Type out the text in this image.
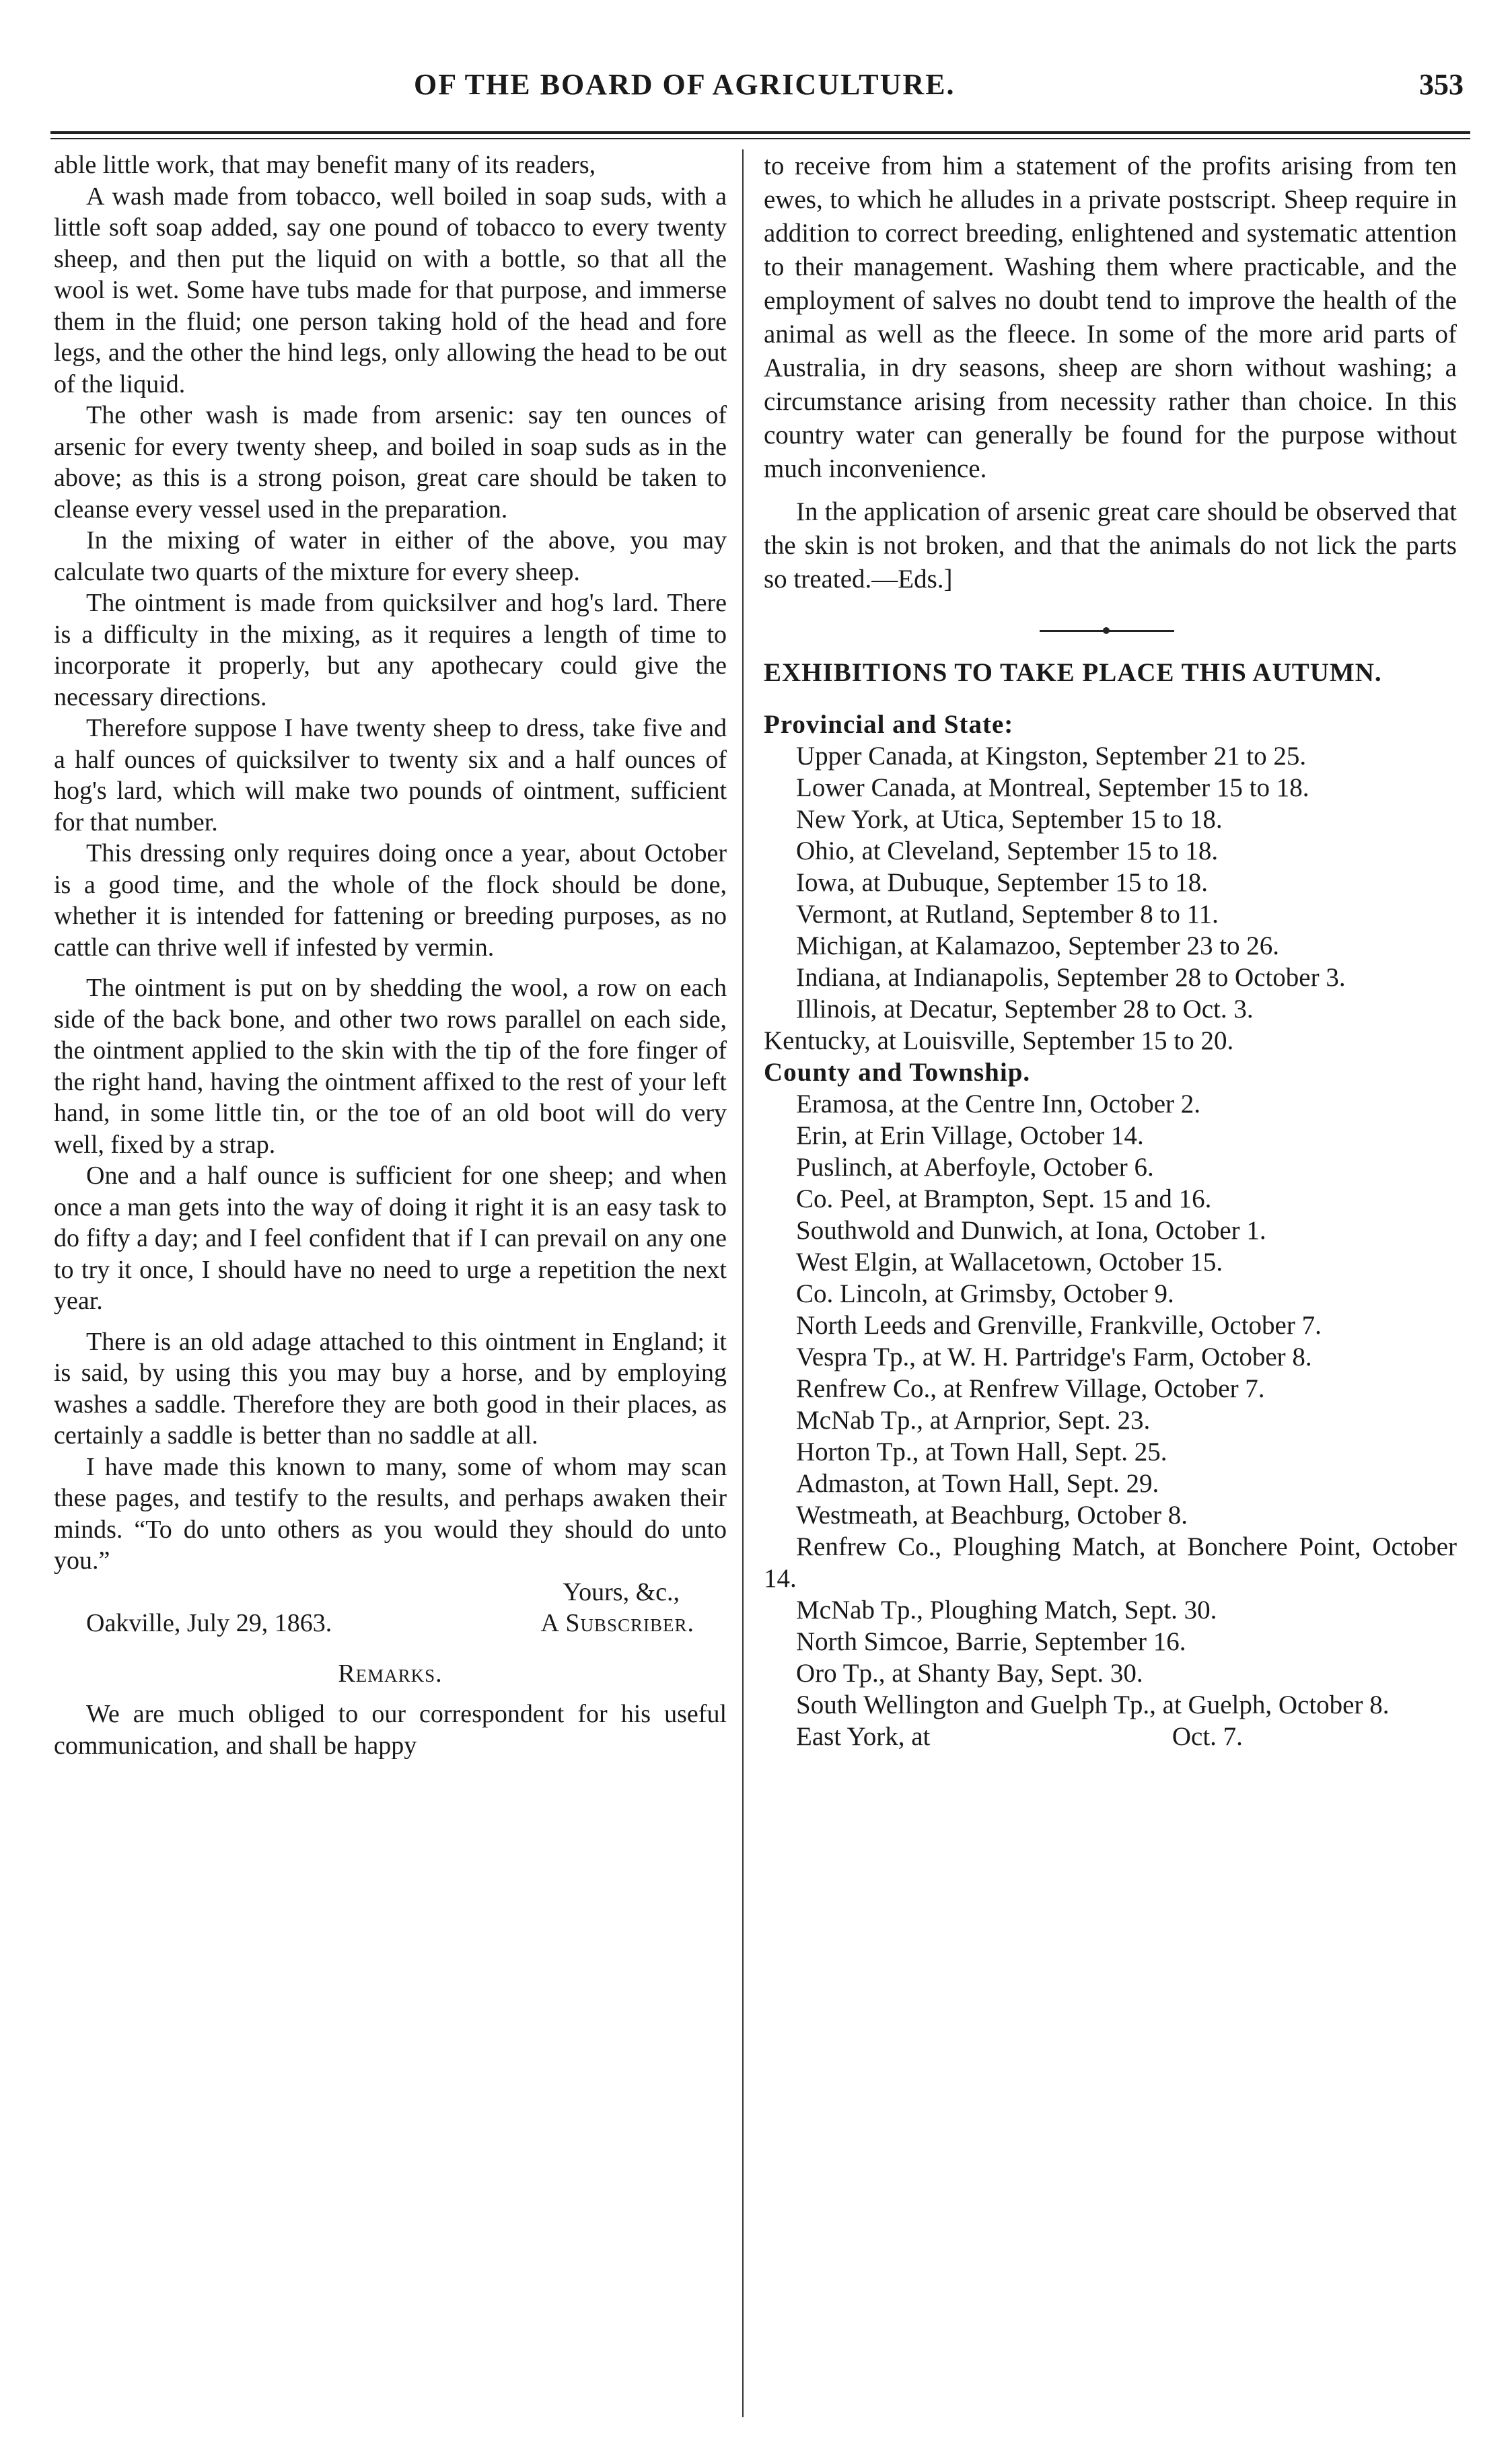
OF THE BOARD OF AGRICULTURE.	353

able little work, that may benefit many of its readers,

A wash made from tobacco, well boiled in soap suds, with a little soft soap added, say one pound of tobacco to every twenty sheep, and then put the liquid on with a bottle, so that all the wool is wet. Some have tubs made for that purpose, and immerse them in the fluid; one person taking hold of the head and fore legs, and the other the hind legs, only allowing the head to be out of the liquid.

The other wash is made from arsenic: say ten ounces of arsenic for every twenty sheep, and boiled in soap suds as in the above; as this is a strong poison, great care should be taken to cleanse every vessel used in the preparation.

In the mixing of water in either of the above, you may calculate two quarts of the mixture for every sheep.

The ointment is made from quicksilver and hog's lard. There is a difficulty in the mixing, as it requires a length of time to incorporate it properly, but any apothecary could give the necessary directions.

Therefore suppose I have twenty sheep to dress, take five and a half ounces of quicksilver to twenty six and a half ounces of hog's lard, which will make two pounds of ointment, sufficient for that number.

This dressing only requires doing once a year, about October is a good time, and the whole of the flock should be done, whether it is intended for fattening or breeding purposes, as no cattle can thrive well if infested by vermin.

The ointment is put on by shedding the wool, a row on each side of the back bone, and other two rows parallel on each side, the ointment applied to the skin with the tip of the fore finger of the right hand, having the ointment affixed to the rest of your left hand, in some little tin, or the toe of an old boot will do very well, fixed by a strap.

One and a half ounce is sufficient for one sheep; and when once a man gets into the way of doing it right it is an easy task to do fifty a day; and I feel confident that if I can prevail on any one to try it once, I should have no need to urge a repetition the next year.

There is an old adage attached to this ointment in England; it is said, by using this you may buy a horse, and by employing washes a saddle. Therefore they are both good in their places, as certainly a saddle is better than no saddle at all.

I have made this known to many, some of whom may scan these pages, and testify to the results, and perhaps awaken their minds. “To do unto others as you would they should do unto you.”

Yours, &c.,

Oakville, July 29, 1863.	A Subscriber.

Remarks.

We are much obliged to our correspondent for his useful communication, and shall be happy

to receive from him a statement of the profits arising from ten ewes, to which he alludes in a private postscript. Sheep require in addition to correct breeding, enlightened and systematic attention to their management. Washing them where practicable, and the employment of salves no doubt tend to improve the health of the animal as well as the fleece. In some of the more arid parts of Australia, in dry seasons, sheep are shorn without washing; a circumstance arising from necessity rather than choice. In this country water can generally be found for the purpose without much inconvenience.

In the application of arsenic great care should be observed that the skin is not broken, and that the animals do not lick the parts so treated.—Eds.]

EXHIBITIONS TO TAKE PLACE THIS AUTUMN.

Provincial and State:

Upper Canada, at Kingston, September 21 to 25.

Lower Canada, at Montreal, September 15 to 18.

New York, at Utica, September 15 to 18.

Ohio, at Cleveland, September 15 to 18.

Iowa, at Dubuque, September 15 to 18.

Vermont, at Rutland, September 8 to 11.

Michigan, at Kalamazoo, September 23 to 26.

Indiana, at Indianapolis, September 28 to October 3.

Illinois, at Decatur, September 28 to Oct. 3.

Kentucky, at Louisville, September 15 to 20.

County and Township.

Eramosa, at the Centre Inn, October 2.

Erin, at Erin Village, October 14.

Puslinch, at Aberfoyle, October 6.

Co. Peel, at Brampton, Sept. 15 and 16.

Southwold and Dunwich, at Iona, October 1.

West Elgin, at Wallacetown, October 15.

Co. Lincoln, at Grimsby, October 9.

North Leeds and Grenville, Frankville, October 7.

Vespra Tp., at W. H. Partridge's Farm, October 8.

Renfrew Co., at Renfrew Village, October 7.

McNab Tp., at Arnprior, Sept. 23.

Horton Tp., at Town Hall, Sept. 25.

Admaston, at Town Hall, Sept. 29.

Westmeath, at Beachburg, October 8.

Renfrew Co., Ploughing Match, at Bonchere Point, October 14.

McNab Tp., Ploughing Match, Sept. 30.

North Simcoe, Barrie, September 16.

Oro Tp., at Shanty Bay, Sept. 30.

South Wellington and Guelph Tp., at Guelph, October 8.

East York, at	Oct. 7.
